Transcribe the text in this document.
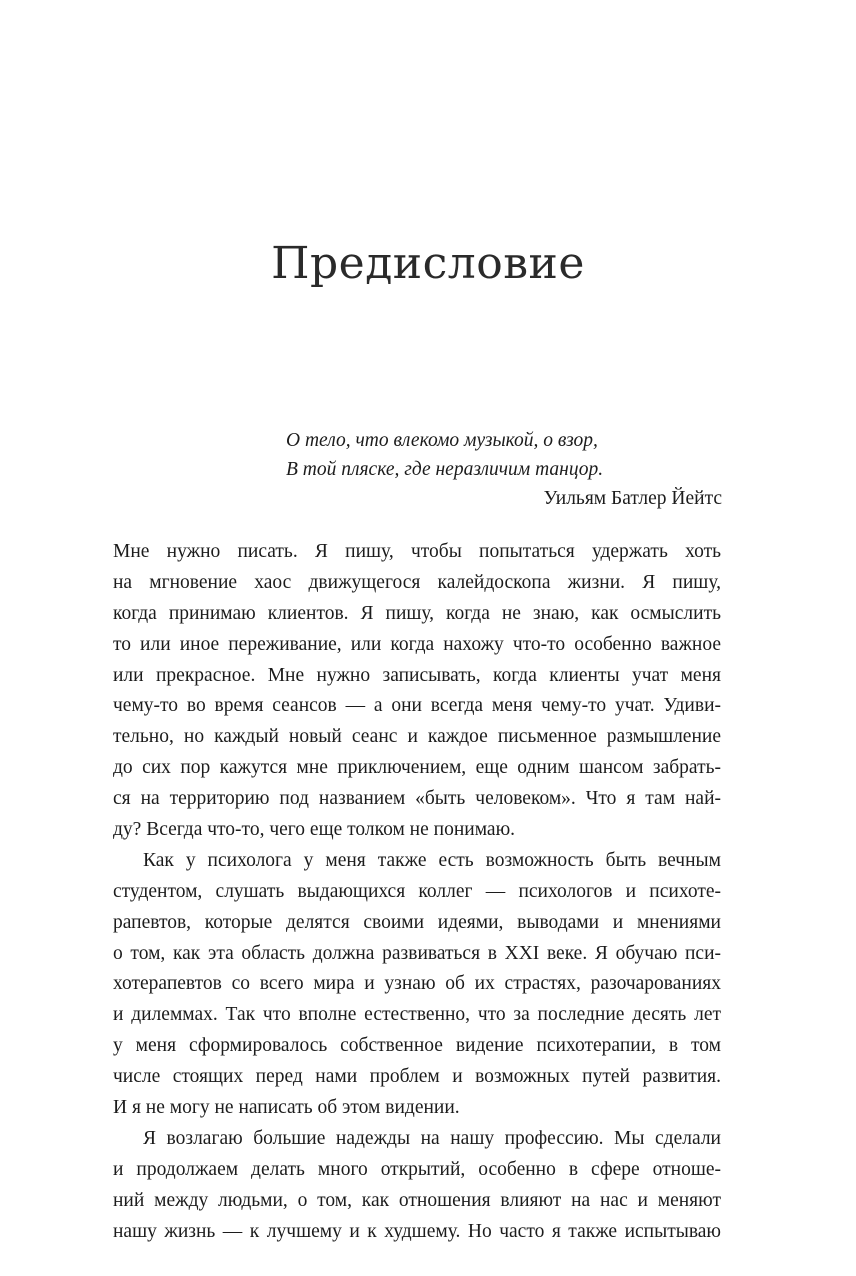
Предисловие
О тело, что влекомо музыкой, о взор,
В той пляске, где неразличим танцор.
Уильям Батлер Йейтс
Мне нужно писать. Я пишу, чтобы попытаться удержать хоть
на мгновение хаос движущегося калейдоскопа жизни. Я пишу,
когда принимаю клиентов. Я пишу, когда не знаю, как осмыслить
то или иное переживание, или когда нахожу что-то особенно важное
или прекрасное. Мне нужно записывать, когда клиенты учат меня
чему-то во время сеансов — а они всегда меня чему-то учат. Удиви-
тельно, но каждый новый сеанс и каждое письменное размышление
до сих пор кажутся мне приключением, еще одним шансом забрать-
ся на территорию под названием «быть человеком». Что я там най-
ду? Всегда что-то, чего еще толком не понимаю.
Как у психолога у меня также есть возможность быть вечным
студентом, слушать выдающихся коллег — психологов и психоте-
рапевтов, которые делятся своими идеями, выводами и мнениями
о том, как эта область должна развиваться в XXI веке. Я обучаю пси-
хотерапевтов со всего мира и узнаю об их страстях, разочарованиях
и дилеммах. Так что вполне естественно, что за последние десять лет
у меня сформировалось собственное видение психотерапии, в том
числе стоящих перед нами проблем и возможных путей развития.
И я не могу не написать об этом видении.
Я возлагаю большие надежды на нашу профессию. Мы сделали
и продолжаем делать много открытий, особенно в сфере отноше-
ний между людьми, о том, как отношения влияют на нас и меняют
нашу жизнь — к лучшему и к худшему. Но часто я также испытываю
